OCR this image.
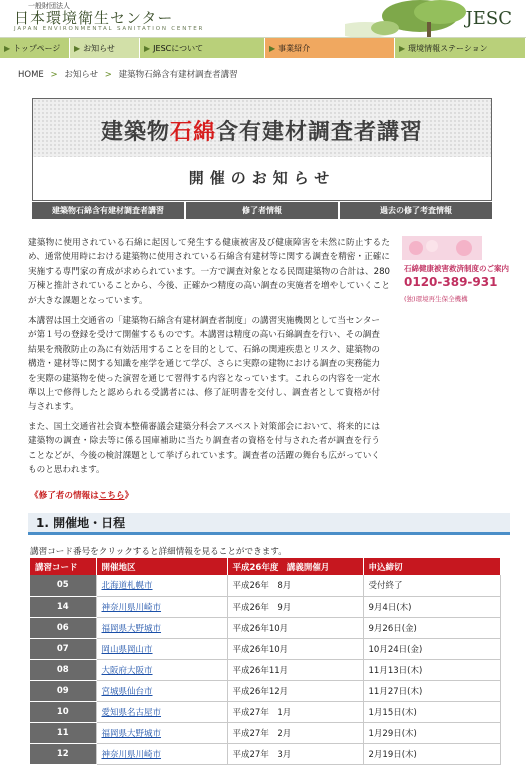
一般財団法人
日本環境衛生センター
JAPAN ENVIRONMENTAL SANITATION CENTER	JESC
▶ トップページ ▶ お知らせ	▶ JESCについて	▶ 事業紹介	▶ 環境情報ステーション
HOME > お知らせ > 建築物石綿含有建材調査者講習
建築物石綿含有建材調査者講習
開催のお知らせ
建築物石綿含有建材調査者講習	修了者情報	過去の修了考査情報
石綿健康被害救済制度のご案内
0120-389-931
(独)環境再生保全機構
建築物に使用されている石綿に起因して発生する健康被害及び健康障害を未然に防止するため、通常使用時における建築物に使用されている石綿含有建材等に関する調査を精密・正確に実施する専門家の育成が求められています。一方で調査対象となる民間建築物の合計は、280万棟と推計されていることから、今後、正確かつ精度の高い調査の実施者を増やしていくことが大きな課題となっています。
本講習は国土交通省の「建築物石綿含有建材調査者制度」の講習実施機関として当センターが第１号の登録を受けて開催するものです。本講習は精度の高い石綿調査を行い、その調査結果を飛散防止の為に有効活用することを目的として、石綿の関連疾患とリスク、建築物の構造・建材等に関する知識を座学を通じて学び、さらに実際の建物における調査の実務能力を実際の建築物を使った演習を通じて習得する内容となっています。これらの内容を一定水準以上で修得したと認められる受講者には、修了証明書を交付し、調査者として資格が付与されます。
また、国土交通省社会資本整備審議会建築分科会アスベスト対策部会において、将来的には建築物の調査・除去等に係る国庫補助に当たり調査者の資格を付与された者が調査を行うことなどが、今後の検討課題として挙げられています。調査者の活躍の舞台も広がっていくものと思われます。
《修了者の情報はこちら》
1. 開催地・日程
講習コード番号をクリックすると詳細情報を見ることができます。
講習コード	開催地区	平成26年度　講義開催月	申込締切
05	北海道札幌市	平成26年　8月	受付終了
14	神奈川県川崎市	平成26年　9月	9月4日(木)
06	福岡県大野城市	平成26年10月	9月26日(金)
07	岡山県岡山市	平成26年10月	10月24日(金)
08	大阪府大阪市	平成26年11月	11月13日(木)
09	宮城県仙台市	平成26年12月	11月27日(木)
10	愛知県名古屋市	平成27年　1月	1月15日(木)
11	福岡県大野城市	平成27年　2月	1月29日(木)
12	神奈川県川崎市	平成27年　3月	2月19日(木)
